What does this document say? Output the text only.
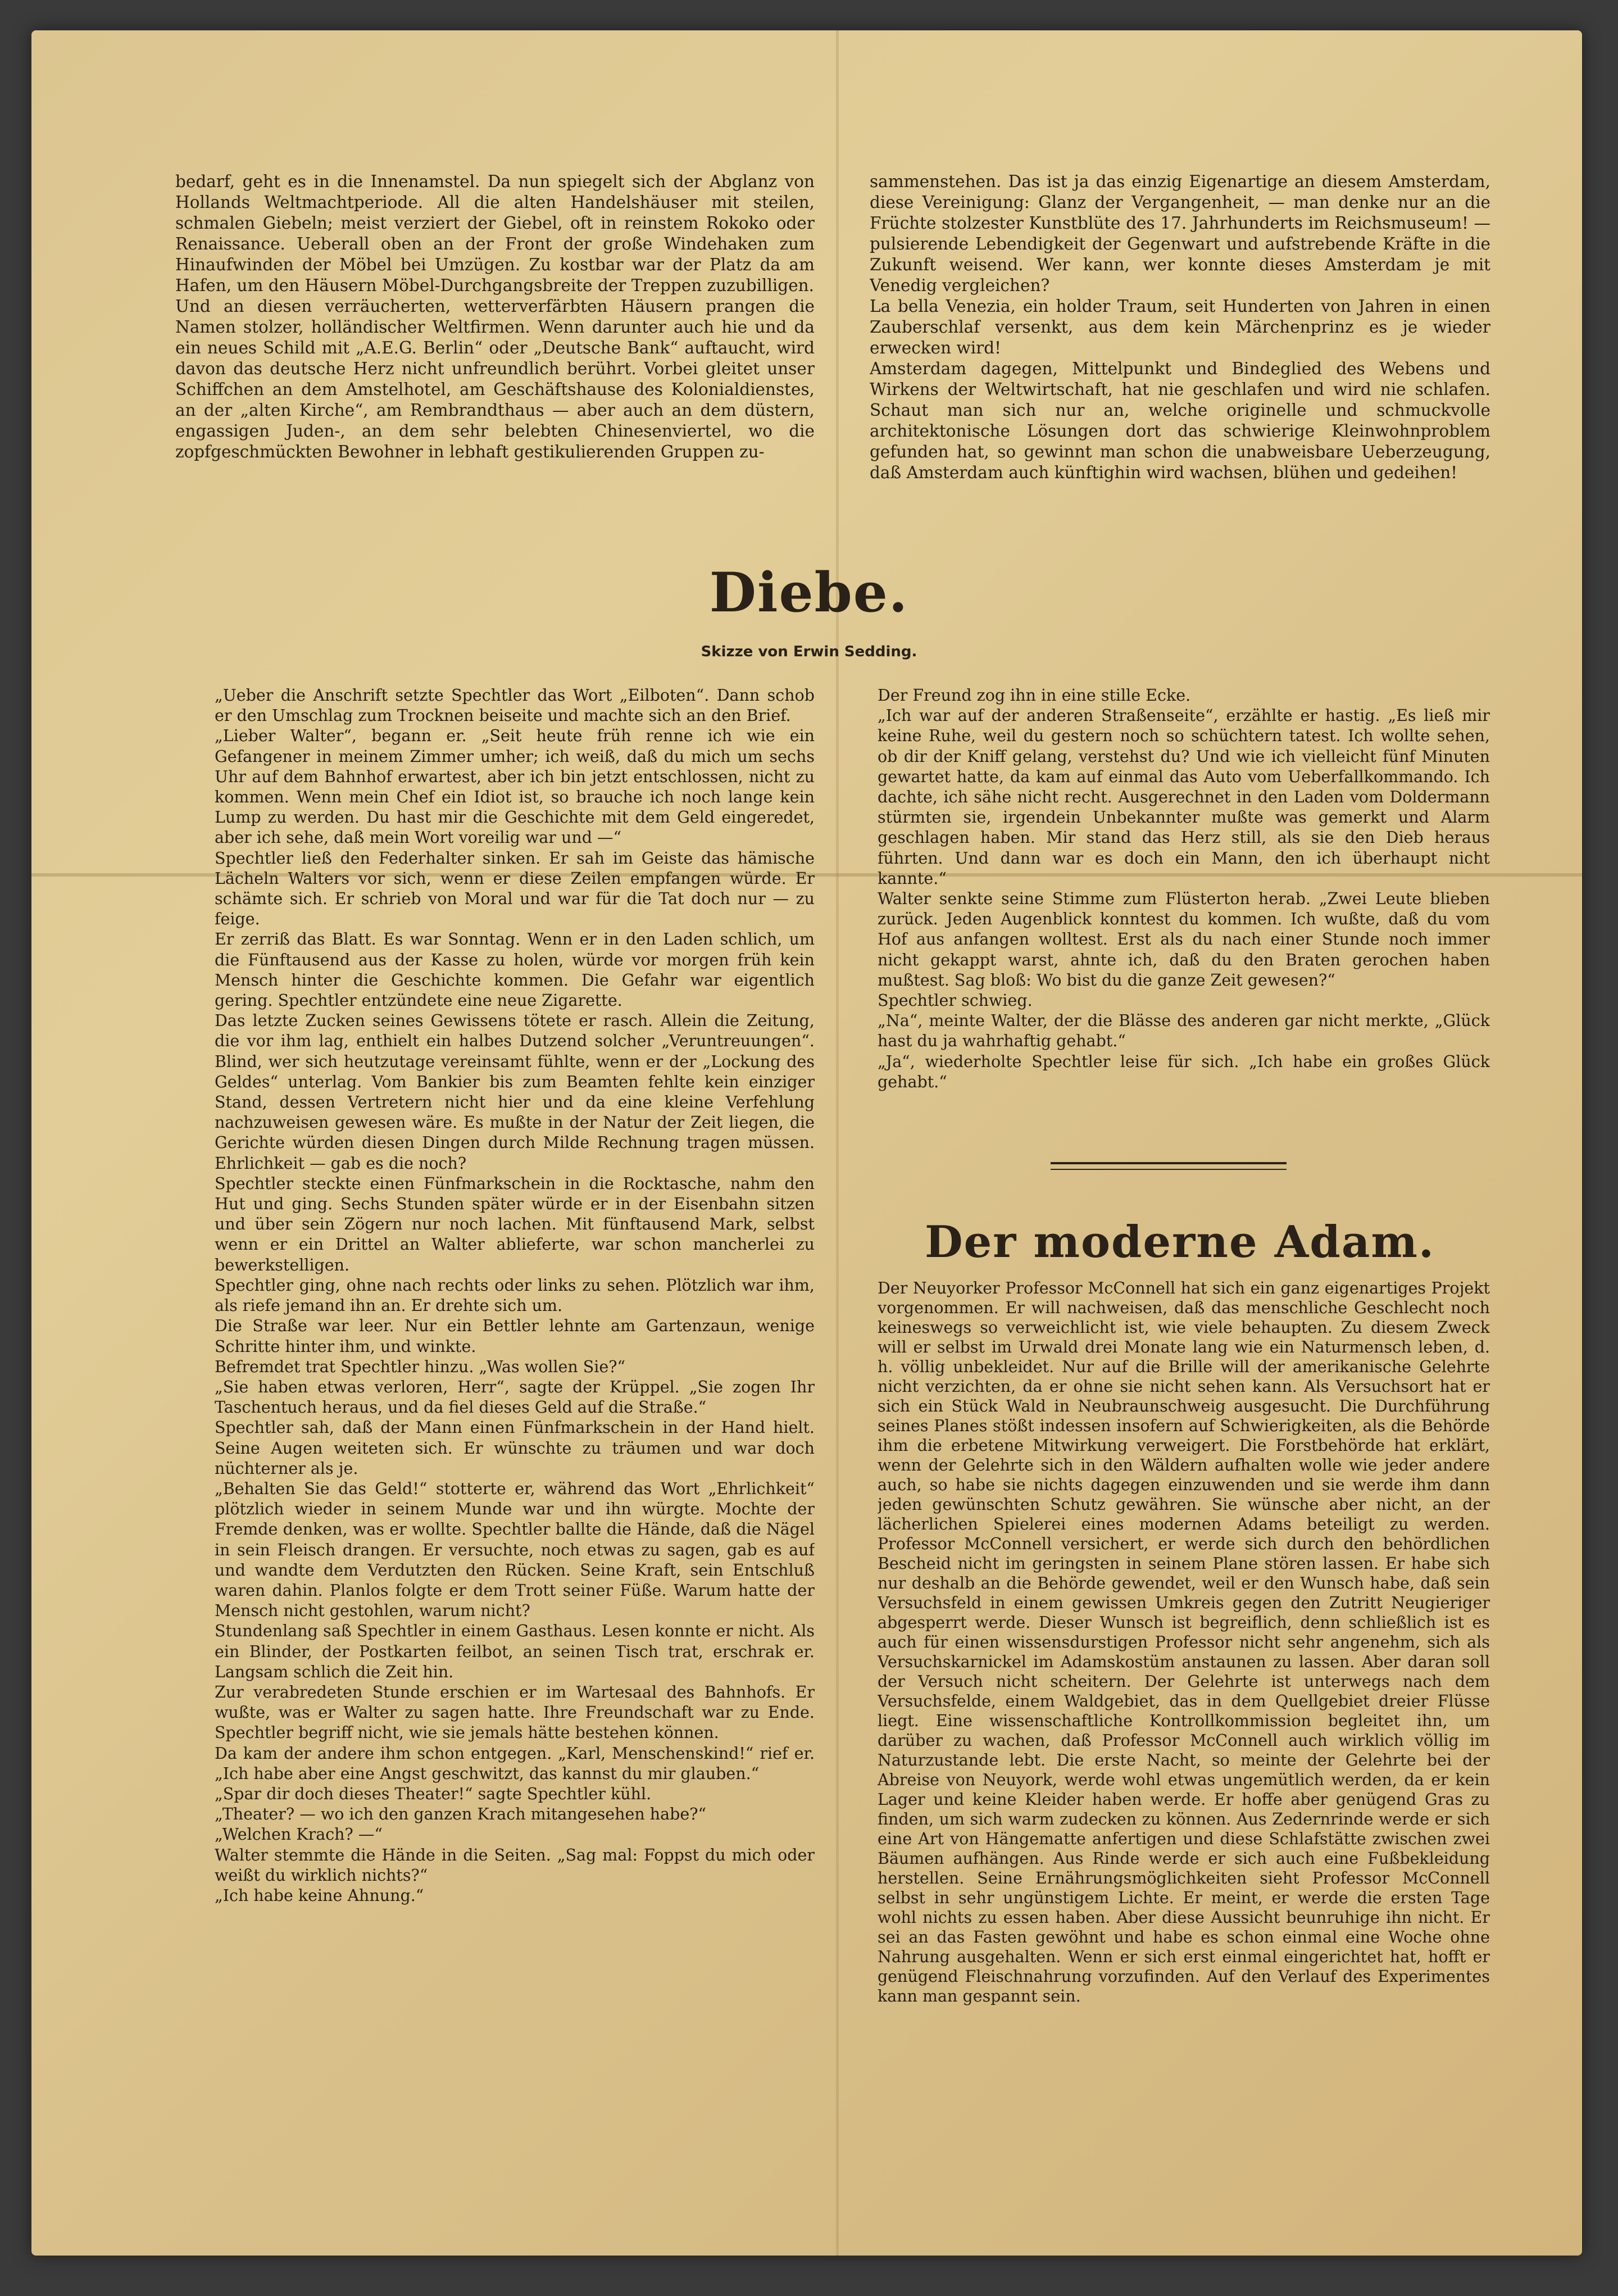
bedarf, geht es in die Innenamstel. Da nun spiegelt sich der Abglanz von Hollands Weltmachtperiode. All die alten Handelshäuser mit steilen, schmalen Giebeln; meist verziert der Giebel, oft in reinstem Rokoko oder Renaissance. Ueberall oben an der Front der große Windehaken zum Hinaufwinden der Möbel bei Umzügen. Zu kostbar war der Platz da am Hafen, um den Häusern Möbel-Durchgangsbreite der Treppen zuzubilligen.
Und an diesen verräucherten, wetterverfärbten Häusern prangen die Namen stolzer, holländischer Weltfirmen. Wenn darunter auch hie und da ein neues Schild mit „A.E.G. Berlin“ oder „Deutsche Bank“ auftaucht, wird davon das deutsche Herz nicht unfreundlich berührt. Vorbei gleitet unser Schiffchen an dem Amstelhotel, am Geschäftshause des Kolonialdienstes, an der „alten Kirche“, am Rembrandthaus — aber auch an dem düstern, engassigen Juden-, an dem sehr belebten Chinesenviertel, wo die zopfgeschmückten Bewohner in lebhaft gestikulierenden Gruppen zu-
sammenstehen. Das ist ja das einzig Eigenartige an diesem Amsterdam, diese Vereinigung: Glanz der Vergangenheit, — man denke nur an die Früchte stolzester Kunstblüte des 17. Jahrhunderts im Reichsmuseum! — pulsierende Lebendigkeit der Gegenwart und aufstrebende Kräfte in die Zukunft weisend. Wer kann, wer konnte dieses Amsterdam je mit Venedig vergleichen?
La bella Venezia, ein holder Traum, seit Hunderten von Jahren in einen Zauberschlaf versenkt, aus dem kein Märchenprinz es je wieder erwecken wird!
Amsterdam dagegen, Mittelpunkt und Bindeglied des Webens und Wirkens der Weltwirtschaft, hat nie geschlafen und wird nie schlafen. Schaut man sich nur an, welche originelle und schmuckvolle architektonische Lösungen dort das schwierige Kleinwohnproblem gefunden hat, so gewinnt man schon die unabweisbare Ueberzeugung, daß Amsterdam auch künftighin wird wachsen, blühen und gedeihen!
Diebe.
Skizze von Erwin Sedding.
„Ueber die Anschrift setzte Spechtler das Wort „Eilboten“. Dann schob er den Umschlag zum Trocknen beiseite und machte sich an den Brief.
„Lieber Walter“, begann er. „Seit heute früh renne ich wie ein Gefangener in meinem Zimmer umher; ich weiß, daß du mich um sechs Uhr auf dem Bahnhof erwartest, aber ich bin jetzt entschlossen, nicht zu kommen. Wenn mein Chef ein Idiot ist, so brauche ich noch lange kein Lump zu werden. Du hast mir die Geschichte mit dem Geld eingeredet, aber ich sehe, daß mein Wort voreilig war und —“
Spechtler ließ den Federhalter sinken. Er sah im Geiste das hämische Lächeln Walters vor sich, wenn er diese Zeilen empfangen würde. Er schämte sich. Er schrieb von Moral und war für die Tat doch nur — zu feige.
Er zerriß das Blatt. Es war Sonntag. Wenn er in den Laden schlich, um die Fünftausend aus der Kasse zu holen, würde vor morgen früh kein Mensch hinter die Geschichte kommen. Die Gefahr war eigentlich gering. Spechtler entzündete eine neue Zigarette.
Das letzte Zucken seines Gewissens tötete er rasch. Allein die Zeitung, die vor ihm lag, enthielt ein halbes Dutzend solcher „Veruntreuungen“. Blind, wer sich heutzutage vereinsamt fühlte, wenn er der „Lockung des Geldes“ unterlag. Vom Bankier bis zum Beamten fehlte kein einziger Stand, dessen Vertretern nicht hier und da eine kleine Verfehlung nachzuweisen gewesen wäre. Es mußte in der Natur der Zeit liegen, die Gerichte würden diesen Dingen durch Milde Rechnung tragen müssen. Ehrlichkeit — gab es die noch?
Spechtler steckte einen Fünfmarkschein in die Rocktasche, nahm den Hut und ging. Sechs Stunden später würde er in der Eisenbahn sitzen und über sein Zögern nur noch lachen. Mit fünftausend Mark, selbst wenn er ein Drittel an Walter ablieferte, war schon mancherlei zu bewerkstelligen.
Spechtler ging, ohne nach rechts oder links zu sehen. Plötzlich war ihm, als riefe jemand ihn an. Er drehte sich um.
Die Straße war leer. Nur ein Bettler lehnte am Gartenzaun, wenige Schritte hinter ihm, und winkte.
Befremdet trat Spechtler hinzu. „Was wollen Sie?“
„Sie haben etwas verloren, Herr“, sagte der Krüppel. „Sie zogen Ihr Taschentuch heraus, und da fiel dieses Geld auf die Straße.“
Spechtler sah, daß der Mann einen Fünfmarkschein in der Hand hielt. Seine Augen weiteten sich. Er wünschte zu träumen und war doch nüchterner als je.
„Behalten Sie das Geld!“ stotterte er, während das Wort „Ehrlichkeit“ plötzlich wieder in seinem Munde war und ihn würgte. Mochte der Fremde denken, was er wollte. Spechtler ballte die Hände, daß die Nägel in sein Fleisch drangen. Er versuchte, noch etwas zu sagen, gab es auf und wandte dem Verdutzten den Rücken. Seine Kraft, sein Entschluß waren dahin. Planlos folgte er dem Trott seiner Füße. Warum hatte der Mensch nicht gestohlen, warum nicht?
Stundenlang saß Spechtler in einem Gasthaus. Lesen konnte er nicht. Als ein Blinder, der Postkarten feilbot, an seinen Tisch trat, erschrak er. Langsam schlich die Zeit hin.
Zur verabredeten Stunde erschien er im Wartesaal des Bahnhofs. Er wußte, was er Walter zu sagen hatte. Ihre Freundschaft war zu Ende. Spechtler begriff nicht, wie sie jemals hätte bestehen können.
Da kam der andere ihm schon entgegen. „Karl, Menschenskind!“ rief er. „Ich habe aber eine Angst geschwitzt, das kannst du mir glauben.“
„Spar dir doch dieses Theater!“ sagte Spechtler kühl.
„Theater? — wo ich den ganzen Krach mitangesehen habe?“
„Welchen Krach? —“
Walter stemmte die Hände in die Seiten. „Sag mal: Foppst du mich oder weißt du wirklich nichts?“
„Ich habe keine Ahnung.“
Der Freund zog ihn in eine stille Ecke.
„Ich war auf der anderen Straßenseite“, erzählte er hastig. „Es ließ mir keine Ruhe, weil du gestern noch so schüchtern tatest. Ich wollte sehen, ob dir der Kniff gelang, verstehst du? Und wie ich vielleicht fünf Minuten gewartet hatte, da kam auf einmal das Auto vom Ueberfallkommando. Ich dachte, ich sähe nicht recht. Ausgerechnet in den Laden vom Doldermann stürmten sie, irgendein Unbekannter mußte was gemerkt und Alarm geschlagen haben. Mir stand das Herz still, als sie den Dieb heraus führten. Und dann war es doch ein Mann, den ich überhaupt nicht kannte.“
Walter senkte seine Stimme zum Flüsterton herab. „Zwei Leute blieben zurück. Jeden Augenblick konntest du kommen. Ich wußte, daß du vom Hof aus anfangen wolltest. Erst als du nach einer Stunde noch immer nicht gekappt warst, ahnte ich, daß du den Braten gerochen haben mußtest. Sag bloß: Wo bist du die ganze Zeit gewesen?“
Spechtler schwieg.
„Na“, meinte Walter, der die Blässe des anderen gar nicht merkte, „Glück hast du ja wahrhaftig gehabt.“
„Ja“, wiederholte Spechtler leise für sich. „Ich habe ein großes Glück gehabt.“
Der moderne Adam.
Der Neuyorker Professor McConnell hat sich ein ganz eigenartiges Projekt vorgenommen. Er will nachweisen, daß das menschliche Geschlecht noch keineswegs so verweichlicht ist, wie viele behaupten. Zu diesem Zweck will er selbst im Urwald drei Monate lang wie ein Naturmensch leben, d. h. völlig unbekleidet. Nur auf die Brille will der amerikanische Gelehrte nicht verzichten, da er ohne sie nicht sehen kann. Als Versuchsort hat er sich ein Stück Wald in Neubraunschweig ausgesucht. Die Durchführung seines Planes stößt indessen insofern auf Schwierigkeiten, als die Behörde ihm die erbetene Mitwirkung verweigert. Die Forstbehörde hat erklärt, wenn der Gelehrte sich in den Wäldern aufhalten wolle wie jeder andere auch, so habe sie nichts dagegen einzuwenden und sie werde ihm dann jeden gewünschten Schutz gewähren. Sie wünsche aber nicht, an der lächerlichen Spielerei eines modernen Adams beteiligt zu werden. Professor McConnell versichert, er werde sich durch den behördlichen Bescheid nicht im geringsten in seinem Plane stören lassen. Er habe sich nur deshalb an die Behörde gewendet, weil er den Wunsch habe, daß sein Versuchsfeld in einem gewissen Umkreis gegen den Zutritt Neugieriger abgesperrt werde. Dieser Wunsch ist begreiflich, denn schließlich ist es auch für einen wissensdurstigen Professor nicht sehr angenehm, sich als Versuchskarnickel im Adamskostüm anstaunen zu lassen. Aber daran soll der Versuch nicht scheitern. Der Gelehrte ist unterwegs nach dem Versuchsfelde, einem Waldgebiet, das in dem Quellgebiet dreier Flüsse liegt. Eine wissenschaftliche Kontrollkommission begleitet ihn, um darüber zu wachen, daß Professor McConnell auch wirklich völlig im Naturzustande lebt. Die erste Nacht, so meinte der Gelehrte bei der Abreise von Neuyork, werde wohl etwas ungemütlich werden, da er kein Lager und keine Kleider haben werde. Er hoffe aber genügend Gras zu finden, um sich warm zudecken zu können. Aus Zedernrinde werde er sich eine Art von Hängematte anfertigen und diese Schlafstätte zwischen zwei Bäumen aufhängen. Aus Rinde werde er sich auch eine Fußbekleidung herstellen. Seine Ernährungsmöglichkeiten sieht Professor McConnell selbst in sehr ungünstigem Lichte. Er meint, er werde die ersten Tage wohl nichts zu essen haben. Aber diese Aussicht beunruhige ihn nicht. Er sei an das Fasten gewöhnt und habe es schon einmal eine Woche ohne Nahrung ausgehalten. Wenn er sich erst einmal eingerichtet hat, hofft er genügend Fleischnahrung vorzufinden. Auf den Verlauf des Experimentes kann man gespannt sein.
